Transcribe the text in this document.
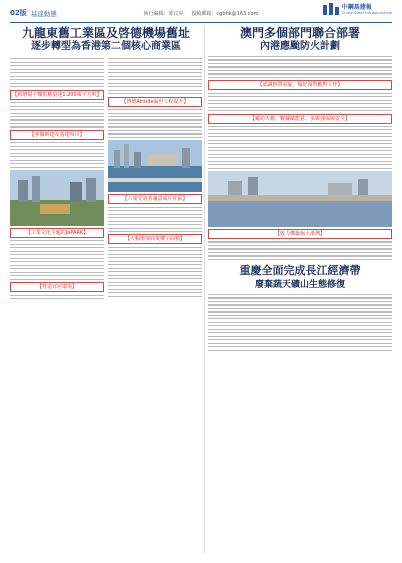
02版 基建動態	執行編輯：郭汶昇 投稿郵箱：cgbhk@163.com
中鋼基建報
China Steel Infrastructure
九龍東舊工業區及啓德機場舊址
逐步轉型為香港第二個核心商業區
【新增寫字樓供應量達1,200萬平方呎】
【多個新建及基建項目】
【工業文化主題的JaPARK】
【營造宜居環境】
【啓德Airside面世工程提升】
【八成受訪者滿意成片社區】
【大幅增加商業樓宇面積】
澳門多個部門聯合部署
內港應颱防火計劃
【認識熱帶氣旋，做好預警應對工作】
【颱防火範、數據賦能意、多維強保障安全】
【致力構築嶺上港灣】
重慶全面完成長江經濟帶
廢棄蔬天礦山生態修復
